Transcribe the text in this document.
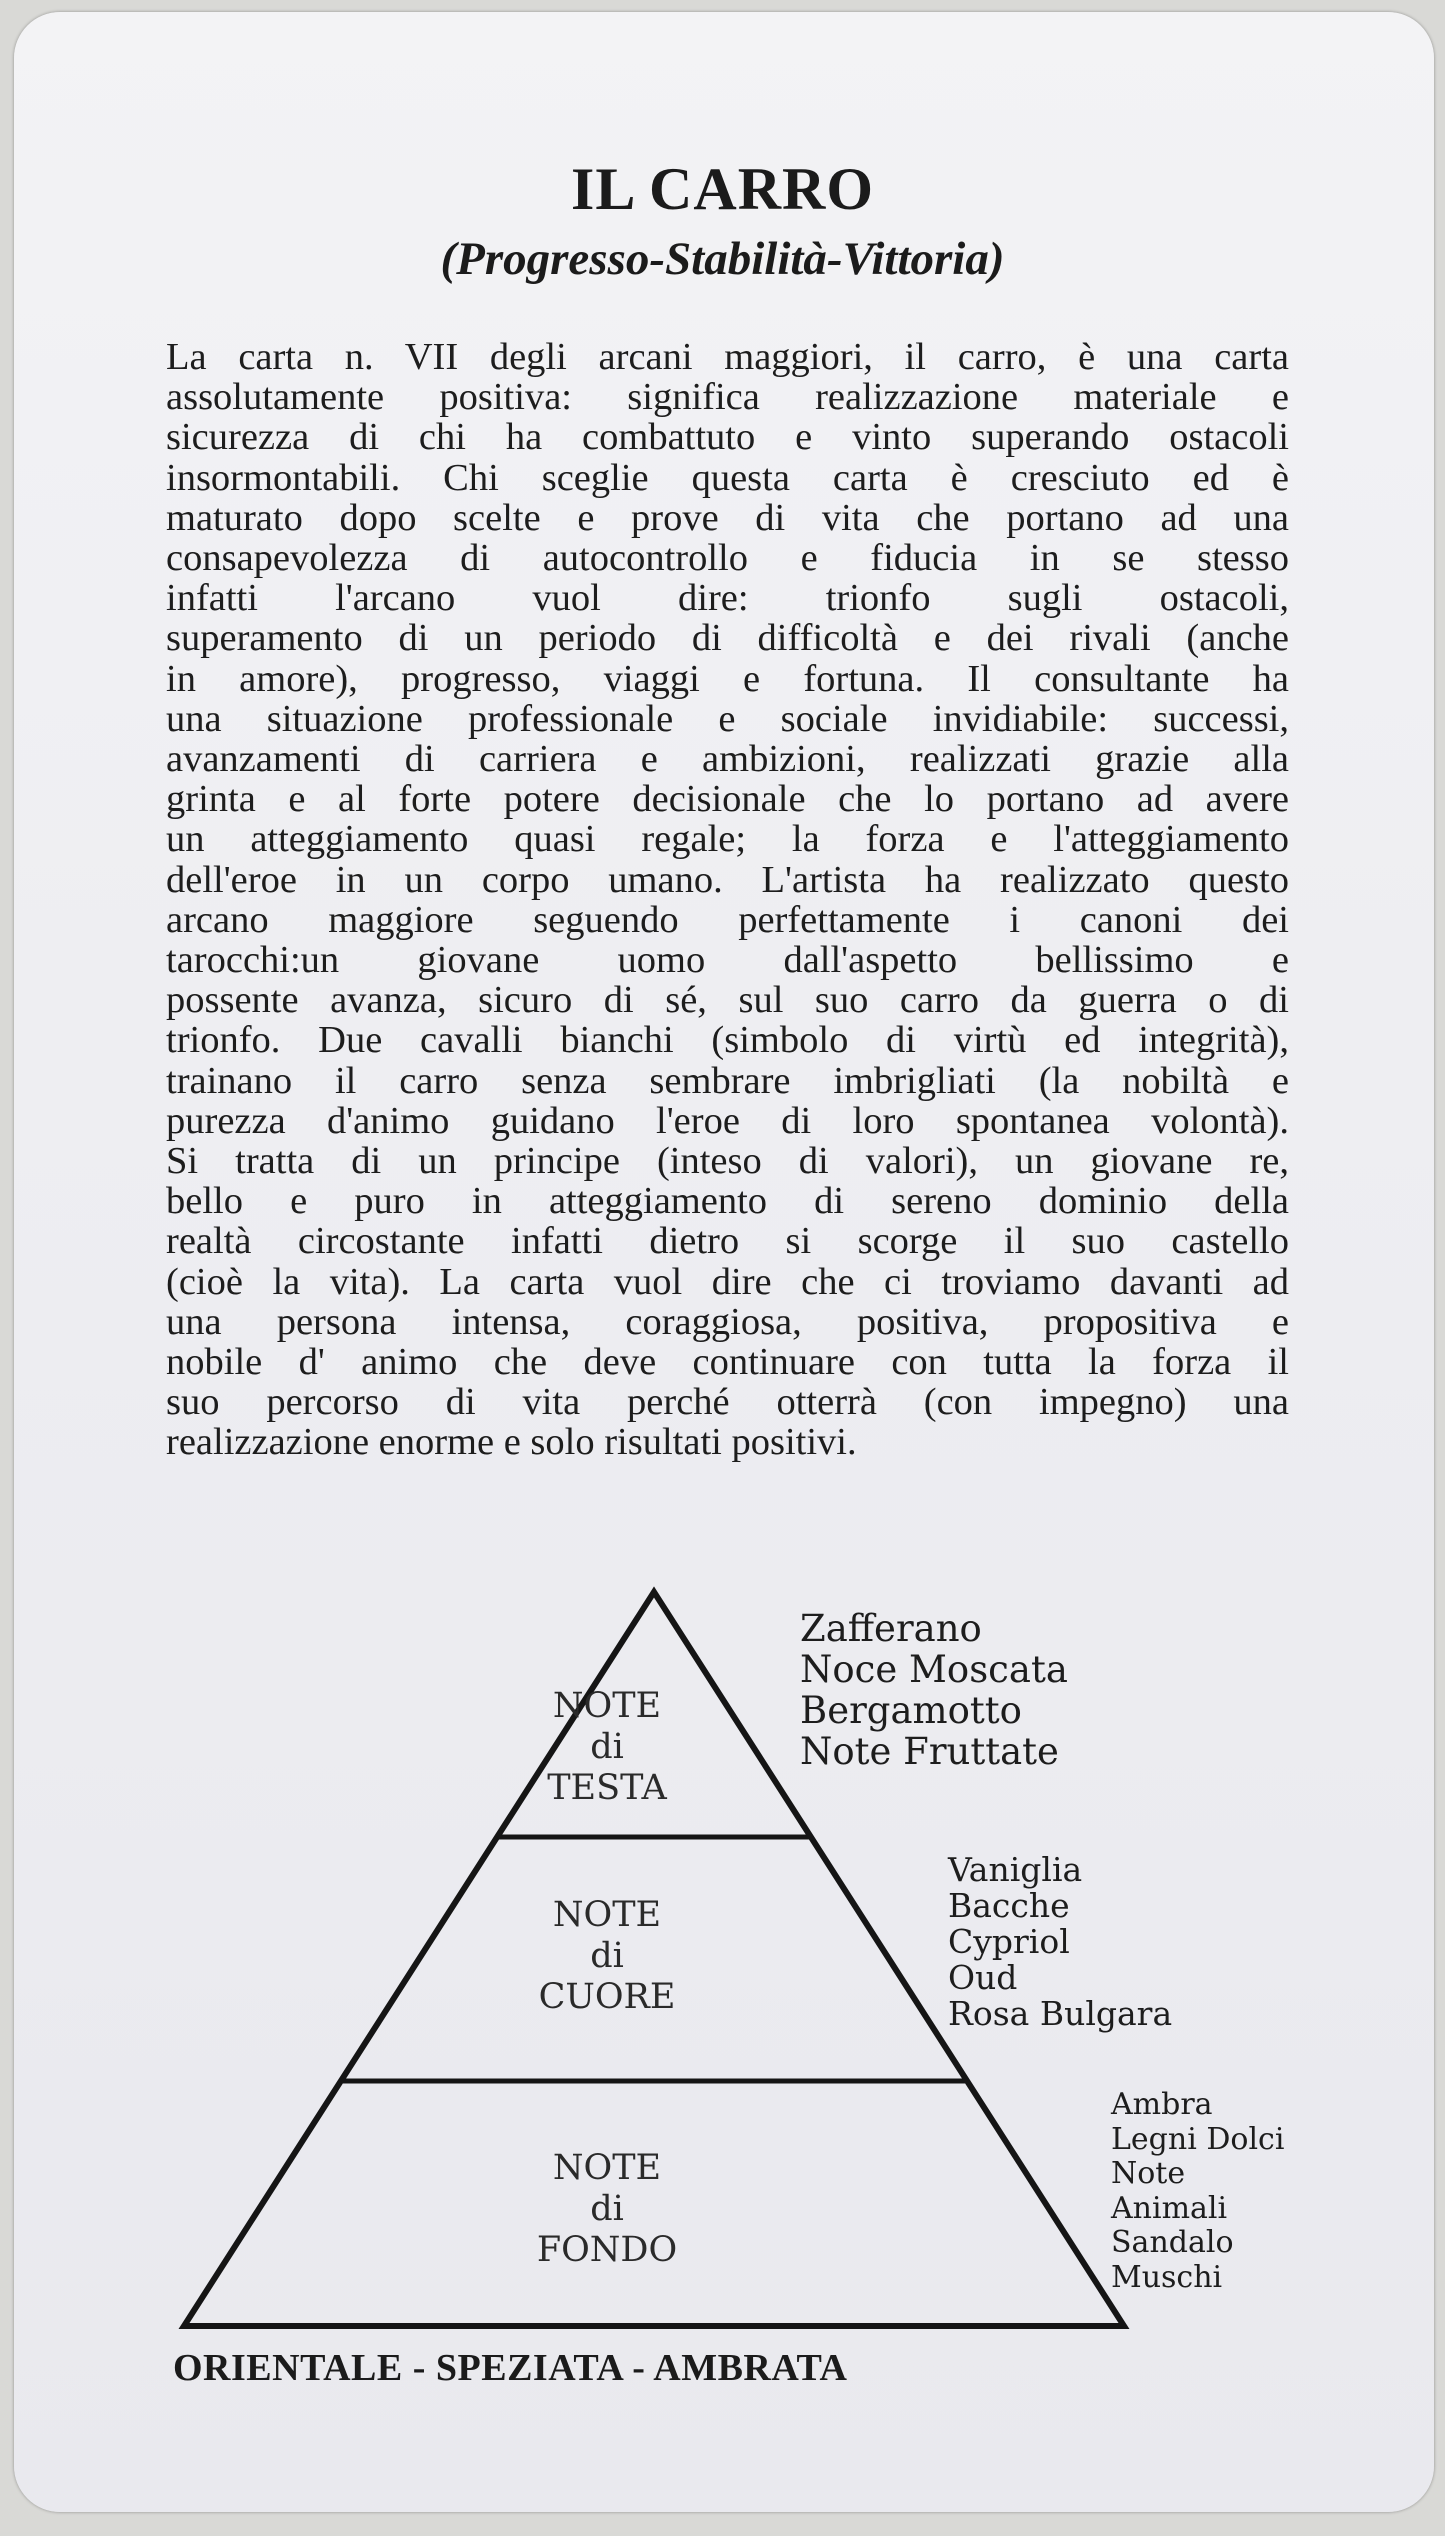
IL CARRO
(Progresso-Stabilità-Vittoria)
La carta n. VII degli arcani maggiori, il carro, è una carta
assolutamente positiva: significa realizzazione materiale e
sicurezza di chi ha combattuto e vinto superando ostacoli
insormontabili. Chi sceglie questa carta è cresciuto ed è
maturato dopo scelte e prove di vita che portano ad una
consapevolezza di autocontrollo e fiducia in se stesso
infatti l'arcano vuol dire: trionfo sugli ostacoli,
superamento di un periodo di difficoltà e dei rivali (anche
in amore), progresso, viaggi e fortuna. Il consultante ha
una situazione professionale e sociale invidiabile: successi,
avanzamenti di carriera e ambizioni, realizzati grazie alla
grinta e al forte potere decisionale che lo portano ad avere
un atteggiamento quasi regale; la forza e l'atteggiamento
dell'eroe in un corpo umano. L'artista ha realizzato questo
arcano maggiore seguendo perfettamente i canoni dei
tarocchi:un giovane uomo dall'aspetto bellissimo e
possente avanza, sicuro di sé, sul suo carro da guerra o di
trionfo. Due cavalli bianchi (simbolo di virtù ed integrità),
trainano il carro senza sembrare imbrigliati (la nobiltà e
purezza d'animo guidano l'eroe di loro spontanea volontà).
Si tratta di un principe (inteso di valori), un giovane re,
bello e puro in atteggiamento di sereno dominio della
realtà circostante infatti dietro si scorge il suo castello
(cioè la vita). La carta vuol dire che ci troviamo davanti ad
una persona intensa, coraggiosa, positiva, propositiva e
nobile d' animo che deve continuare con tutta la forza il
suo percorso di vita perché otterrà (con impegno) una
realizzazione enorme e solo risultati positivi.
NOTE
di
TESTA
NOTE
di
CUORE
NOTE
di
FONDO
Zafferano
Noce Moscata
Bergamotto
Note Fruttate
Vaniglia
Bacche
Cypriol
Oud
Rosa Bulgara
Ambra
Legni Dolci
Note
Animali
Sandalo
Muschi
ORIENTALE - SPEZIATA - AMBRATA
